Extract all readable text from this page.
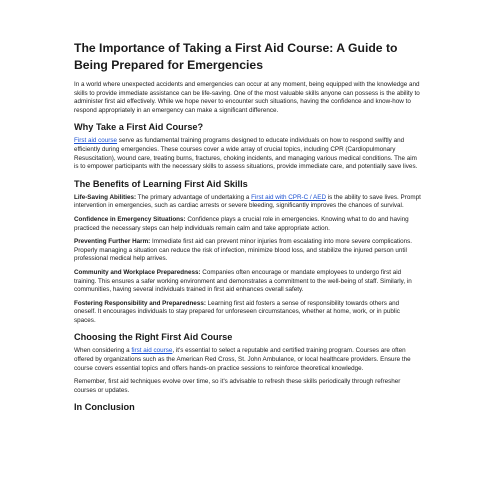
The Importance of Taking a First Aid Course: A Guide to Being Prepared for Emergencies

In a world where unexpected accidents and emergencies can occur at any moment, being equipped with the knowledge and skills to provide immediate assistance can be life-saving. One of the most valuable skills anyone can possess is the ability to administer first aid effectively. While we hope never to encounter such situations, having the confidence and know-how to respond appropriately in an emergency can make a significant difference.

Why Take a First Aid Course?

First aid course serve as fundamental training programs designed to educate individuals on how to respond swiftly and efficiently during emergencies. These courses cover a wide array of crucial topics, including CPR (Cardiopulmonary Resuscitation), wound care, treating burns, fractures, choking incidents, and managing various medical conditions. The aim is to empower participants with the necessary skills to assess situations, provide immediate care, and potentially save lives.

The Benefits of Learning First Aid Skills

Life-Saving Abilities: The primary advantage of undertaking a First aid with CPR-C / AED is the ability to save lives. Prompt intervention in emergencies, such as cardiac arrests or severe bleeding, significantly improves the chances of survival.

Confidence in Emergency Situations: Confidence plays a crucial role in emergencies. Knowing what to do and having practiced the necessary steps can help individuals remain calm and take appropriate action.

Preventing Further Harm: Immediate first aid can prevent minor injuries from escalating into more severe complications. Properly managing a situation can reduce the risk of infection, minimize blood loss, and stabilize the injured person until professional medical help arrives.

Community and Workplace Preparedness: Companies often encourage or mandate employees to undergo first aid training. This ensures a safer working environment and demonstrates a commitment to the well-being of staff. Similarly, in communities, having several individuals trained in first aid enhances overall safety.

Fostering Responsibility and Preparedness: Learning first aid fosters a sense of responsibility towards others and oneself. It encourages individuals to stay prepared for unforeseen circumstances, whether at home, work, or in public spaces.

Choosing the Right First Aid Course

When considering a first aid course, it's essential to select a reputable and certified training program. Courses are often offered by organizations such as the American Red Cross, St. John Ambulance, or local healthcare providers. Ensure the course covers essential topics and offers hands-on practice sessions to reinforce theoretical knowledge.

Remember, first aid techniques evolve over time, so it's advisable to refresh these skills periodically through refresher courses or updates.

In Conclusion
